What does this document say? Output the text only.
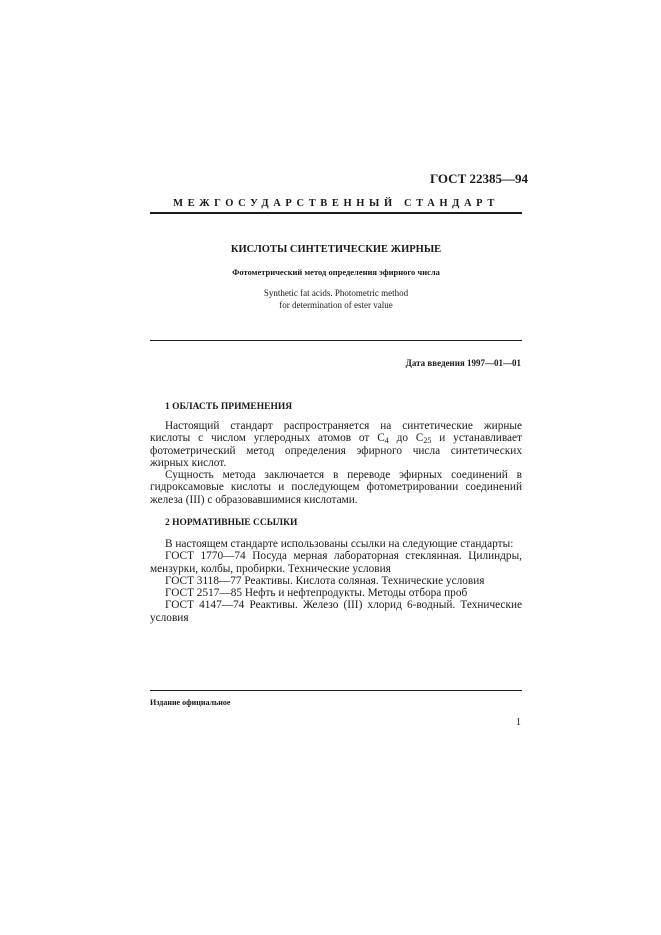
ГОСТ 22385—94
МЕЖГОСУДАРСТВЕННЫЙ СТАНДАРТ
КИСЛОТЫ СИНТЕТИЧЕСКИЕ ЖИРНЫЕ
Фотометрический метод определения эфирного числа
Synthetic fat acids. Photometric method
for determination of ester value
Дата введения 1997—01—01
1 ОБЛАСТЬ ПРИМЕНЕНИЯ

Настоящий стандарт распространяется на синтетические жирные кислоты с числом углеродных атомов от $C_4$ до $C_{25}$ и устанавливает фотометрический метод определения эфирного числа синтетических жирных кислот.

Сущность метода заключается в переводе эфирных соединений в гидроксамовые кислоты и последующем фотометрировании соединений железа (III) с образовавшимися кислотами.

2 НОРМАТИВНЫЕ ССЫЛКИ

В настоящем стандарте использованы ссылки на следующие стандарты:

ГОСТ 1770—74 Посуда мерная лабораторная стеклянная. Цилиндры, мензурки, колбы, пробирки. Технические условия

ГОСТ 3118—77 Реактивы. Кислота соляная. Технические условия

ГОСТ 2517—85 Нефть и нефтепродукты. Методы отбора проб

ГОСТ 4147—74 Реактивы. Железо (III) хлорид 6-водный. Технические условия

Издание официальное
1
